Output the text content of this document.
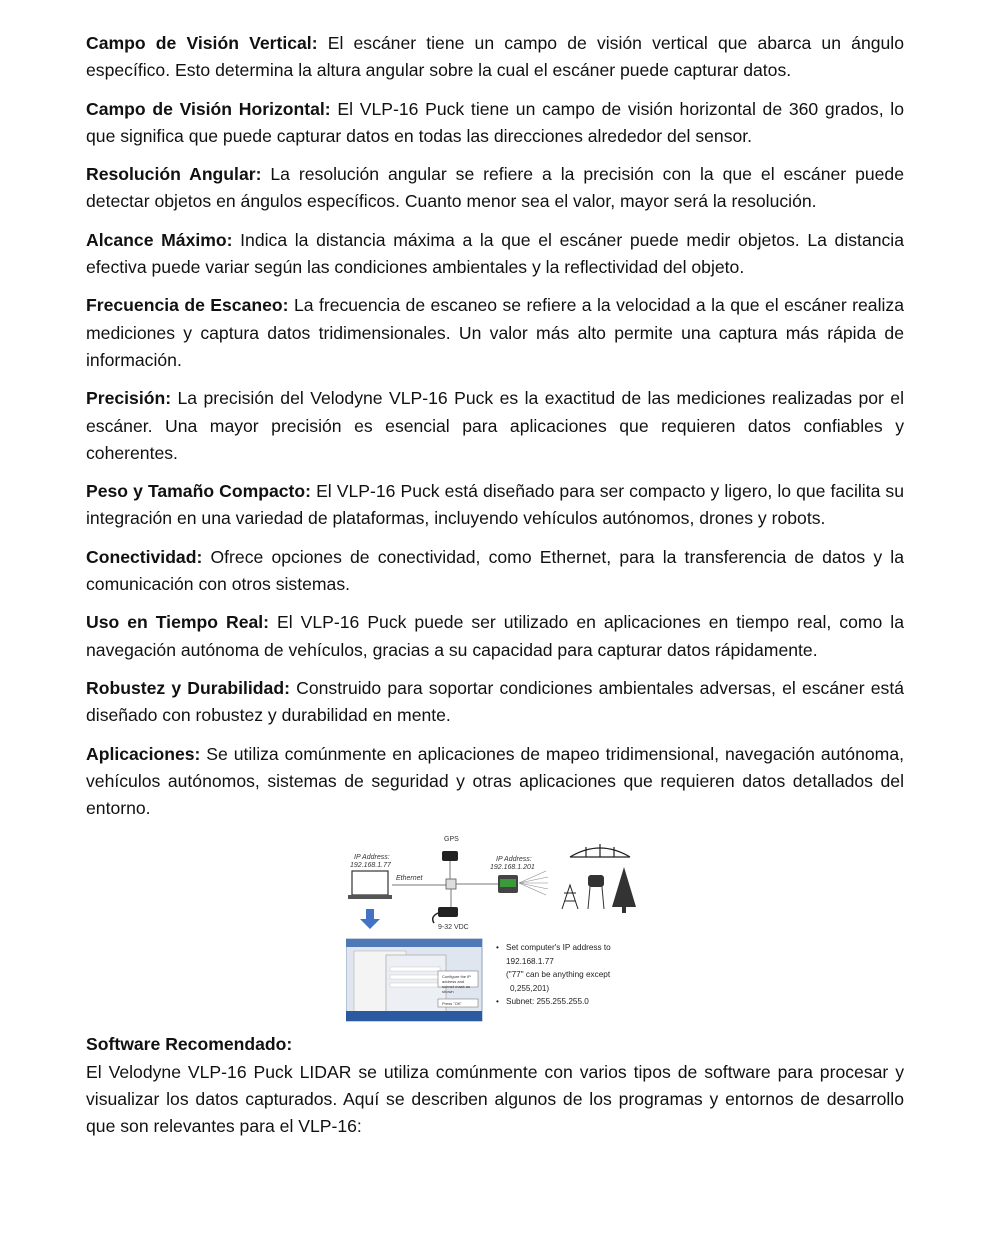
Campo de Visión Vertical: El escáner tiene un campo de visión vertical que abarca un ángulo específico. Esto determina la altura angular sobre la cual el escáner puede capturar datos.

Campo de Visión Horizontal: El VLP-16 Puck tiene un campo de visión horizontal de 360 grados, lo que significa que puede capturar datos en todas las direcciones alrededor del sensor.

Resolución Angular: La resolución angular se refiere a la precisión con la que el escáner puede detectar objetos en ángulos específicos. Cuanto menor sea el valor, mayor será la resolución.

Alcance Máximo: Indica la distancia máxima a la que el escáner puede medir objetos. La distancia efectiva puede variar según las condiciones ambientales y la reflectividad del objeto.

Frecuencia de Escaneo: La frecuencia de escaneo se refiere a la velocidad a la que el escáner realiza mediciones y captura datos tridimensionales. Un valor más alto permite una captura más rápida de información.

Precisión: La precisión del Velodyne VLP-16 Puck es la exactitud de las mediciones realizadas por el escáner. Una mayor precisión es esencial para aplicaciones que requieren datos confiables y coherentes.

Peso y Tamaño Compacto: El VLP-16 Puck está diseñado para ser compacto y ligero, lo que facilita su integración en una variedad de plataformas, incluyendo vehículos autónomos, drones y robots.

Conectividad: Ofrece opciones de conectividad, como Ethernet, para la transferencia de datos y la comunicación con otros sistemas.

Uso en Tiempo Real: El VLP-16 Puck puede ser utilizado en aplicaciones en tiempo real, como la navegación autónoma de vehículos, gracias a su capacidad para capturar datos rápidamente.

Robustez y Durabilidad: Construido para soportar condiciones ambientales adversas, el escáner está diseñado con robustez y durabilidad en mente.

Aplicaciones: Se utiliza comúnmente en aplicaciones de mapeo tridimensional, navegación autónoma, vehículos autónomos, sistemas de seguridad y otras aplicaciones que requieren datos detallados del entorno.

GPS
IP Address:
192.168.1.77
IP Address:
192.168.1.201
Ethernet
9-32 VDC
Configure the IP address and subnet mask as shown
Press "OK"
• Set computer's IP address to
192.168.1.77
("77" can be anything except
0,255,201)
• Subnet: 255.255.255.0
Software Recomendado:

El Velodyne VLP-16 Puck LIDAR se utiliza comúnmente con varios tipos de software para procesar y visualizar los datos capturados. Aquí se describen algunos de los programas y entornos de desarrollo que son relevantes para el VLP-16:
